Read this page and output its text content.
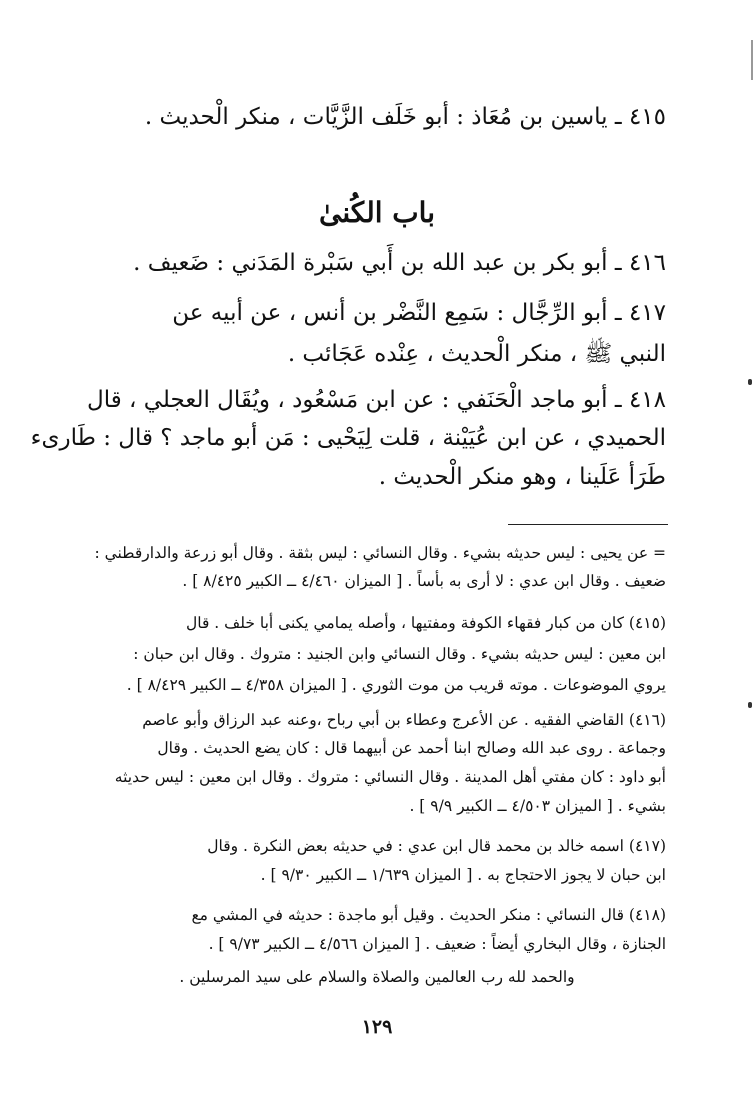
٤١٥ ـ ياسين بن مُعَاذ : أبو خَلَف الزَّيَّات ، منكر الْحديث .
باب الكُنىٰ
٤١٦ ـ أبو بكر بن عبد الله بن أَبي سَبْرة المَدَني : ضَعيف .
٤١٧ ـ أبو الرِّجَّال : سَمِع النَّضْر بن أنس ، عن أبيه عن
النبي ﷺ ، منكر الْحديث ، عِنْده عَجَائب .
٤١٨ ـ أبو ماجد الْحَنَفي : عن ابن مَسْعُود ، ويُقَال العجلي ، قال
الحميدي ، عن ابن عُيَيْنة ، قلت لِيَحْيى : مَن أبو ماجد ؟ قال : طَارىء
طَرَأ عَلَينا ، وهو منكر الْحديث .
= عن يحيى : ليس حديثه بشيء . وقال النسائي : ليس بثقة . وقال أبو زرعة والدارقطني :
ضعيف . وقال ابن عدي : لا أرى به بأساً . [ الميزان ٤/٤٦٠ ــ الكبير ٨/٤٢٥ ] .
(٤١٥) كان من كبار فقهاء الكوفة ومفتيها ، وأصله يمامي يكنى أبا خلف . قال
ابن معين : ليس حديثه بشيء . وقال النسائي وابن الجنيد : متروك . وقال ابن حبان :
يروي الموضوعات . موته قريب من موت الثوري . [ الميزان ٤/٣٥٨ ــ الكبير ٨/٤٢٩ ] .
(٤١٦) القاضي الفقيه . عن الأعرج وعطاء بن أبي رباح ،وعنه عبد الرزاق وأبو عاصم
وجماعة . روى عبد الله وصالح ابنا أحمد عن أبيهما قال : كان يضع الحديث . وقال
أبو داود : كان مفتي أهل المدينة . وقال النسائي : متروك . وقال ابن معين : ليس حديثه
بشيء . [ الميزان ٤/٥٠٣ ــ الكبير ٩/٩ ] .
(٤١٧) اسمه خالد بن محمد قال ابن عدي : في حديثه بعض النكرة . وقال
ابن حبان لا يجوز الاحتجاج به . [ الميزان ١/٦٣٩ ــ الكبير ٩/٣٠ ] .
(٤١٨) قال النسائي : منكر الحديث . وقيل أبو ماجدة : حديثه في المشي مع
الجنازة ، وقال البخاري أيضاً : ضعيف . [ الميزان ٤/٥٦٦ ــ الكبير ٩/٧٣ ] .
والحمد لله رب العالمين والصلاة والسلام على سيد المرسلين .
١٢٩
